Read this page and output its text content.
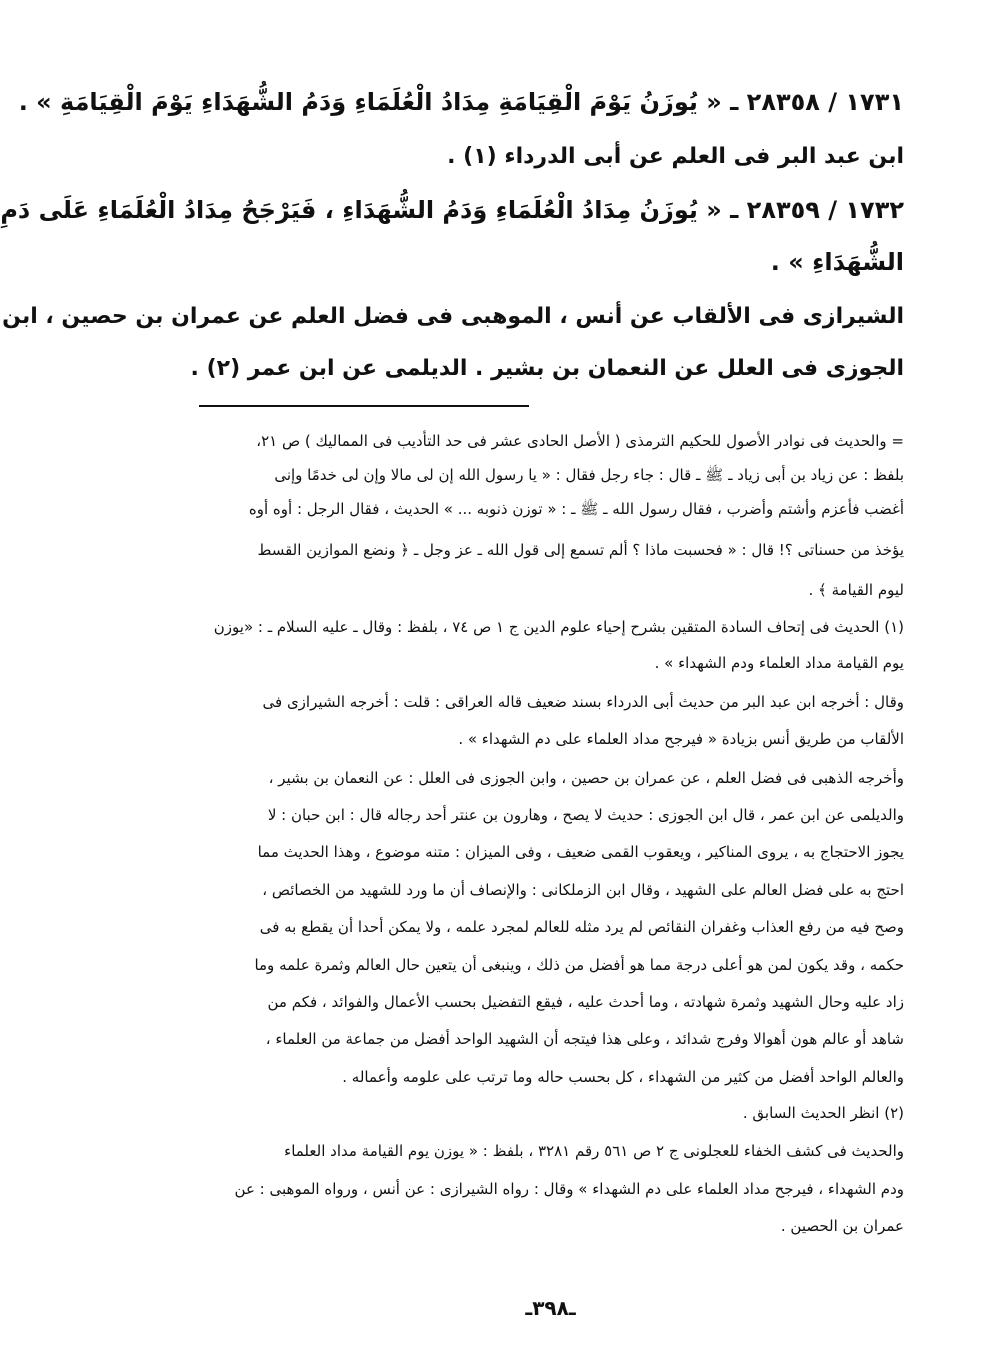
١٧٣١ / ٢٨٣٥٨ ـ « يُوزَنُ يَوْمَ الْقِيَامَةِ مِدَادُ الْعُلَمَاءِ وَدَمُ الشُّهَدَاءِ يَوْمَ الْقِيَامَةِ » .
ابن عبد البر فى العلم عن أبى الدرداء (١) .
١٧٣٢ / ٢٨٣٥٩ ـ « يُوزَنُ مِدَادُ الْعُلَمَاءِ وَدَمُ الشُّهَدَاءِ ، فَيَرْجَحُ مِدَادُ الْعُلَمَاءِ عَلَى دَمِ
الشُّهَدَاءِ » .
الشيرازى فى الألقاب عن أنس ، الموهبى فى فضل العلم عن عمران بن حصين ، ابن
الجوزى فى العلل عن النعمان بن بشير . الديلمى عن ابن عمر (٢) .
= والحديث فى نوادر الأصول للحكيم الترمذى ( الأصل الحادى عشر فى حد التأديب فى المماليك ) ص ٢١،
بلفظ : عن زياد بن أبى زياد ـ ﷺ ـ قال : جاء رجل فقال : « يا رسول الله إن لى مالا وإن لى خدمًا وإنى
أغضب فأعزم وأشتم وأضرب ، فقال رسول الله ـ ﷺ ـ : « توزن ذنوبه ... » الحديث ، فقال الرجل : أوه أوه
يؤخذ من حسناتى ؟! قال : « فحسبت ماذا ؟ ألم تسمع إلى قول الله ـ عز وجل ـ ﴿ ونضع الموازين القسط
ليوم القيامة ﴾ .
(١) الحديث فى إتحاف السادة المتقين بشرح إحياء علوم الدين ج ١ ص ٧٤ ، بلفظ : وقال ـ عليه السلام ـ : «يوزن
يوم القيامة مداد العلماء ودم الشهداء » .
وقال : أخرجه ابن عبد البر من حديث أبى الدرداء بسند ضعيف قاله العراقى : قلت : أخرجه الشيرازى فى
الألقاب من طريق أنس بزيادة « فيرجح مداد العلماء على دم الشهداء » .
وأخرجه الذهبى فى فضل العلم ، عن عمران بن حصين ، وابن الجوزى فى العلل : عن النعمان بن بشير ،
والديلمى عن ابن عمر ، قال ابن الجوزى : حديث لا يصح ، وهارون بن عنتر أحد رجاله قال : ابن حبان : لا
يجوز الاحتجاج به ، يروى المناكير ، ويعقوب القمى ضعيف ، وفى الميزان : متنه موضوع ، وهذا الحديث مما
احتج به على فضل العالم على الشهيد ، وقال ابن الزملكانى : والإنصاف أن ما ورد للشهيد من الخصائص ،
وصح فيه من رفع العذاب وغفران النقائص لم يرد مثله للعالم لمجرد علمه ، ولا يمكن أحدا أن يقطع به فى
حكمه ، وقد يكون لمن هو أعلى درجة مما هو أفضل من ذلك ، وينبغى أن يتعين حال العالم وثمرة علمه وما
زاد عليه وحال الشهيد وثمرة شهادته ، وما أحدث عليه ، فيقع التفضيل بحسب الأعمال والفوائد ، فكم من
شاهد أو عالم هون أهوالا وفرج شدائد ، وعلى هذا فيتجه أن الشهيد الواحد أفضل من جماعة من العلماء ،
والعالم الواحد أفضل من كثير من الشهداء ، كل بحسب حاله وما ترتب على علومه وأعماله .
(٢) انظر الحديث السابق .
والحديث فى كشف الخفاء للعجلونى ج ٢ ص ٥٦١ رقم ٣٢٨١ ، بلفظ : « يوزن يوم القيامة مداد العلماء
ودم الشهداء ، فيرجح مداد العلماء على دم الشهداء » وقال : رواه الشيرازى : عن أنس ، ورواه الموهبى : عن
عمران بن الحصين .
ـ٣٩٨ـ
